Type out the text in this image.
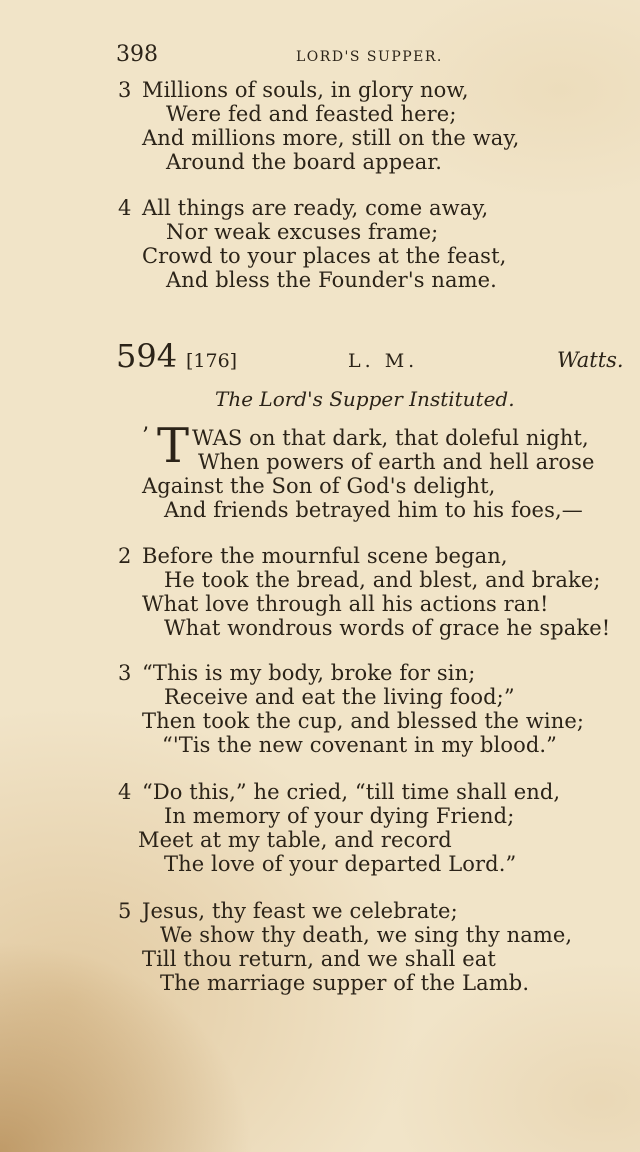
398	LORD'S SUPPER.
3 Millions of souls, in glory now,
Were fed and feasted here;
And millions more, still on the way,
Around the board appear.
4 All things are ready, come away,
Nor weak excuses frame;
Crowd to your places at the feast,
And bless the Founder's name.
594 [176]	L. M.	Watts.
The Lord's Supper Instituted.
’ T WAS on that dark, that doleful night,
When powers of earth and hell arose
Against the Son of God's delight,
And friends betrayed him to his foes,—
2 Before the mournful scene began,
He took the bread, and blest, and brake;
What love through all his actions ran!
What wondrous words of grace he spake!
3 “This is my body, broke for sin;
Receive and eat the living food;”
Then took the cup, and blessed the wine;
“'Tis the new covenant in my blood.”
4 “Do this,” he cried, “till time shall end,
In memory of your dying Friend;
Meet at my table, and record
The love of your departed Lord.”
5 Jesus, thy feast we celebrate;
We show thy death, we sing thy name,
Till thou return, and we shall eat
The marriage supper of the Lamb.
